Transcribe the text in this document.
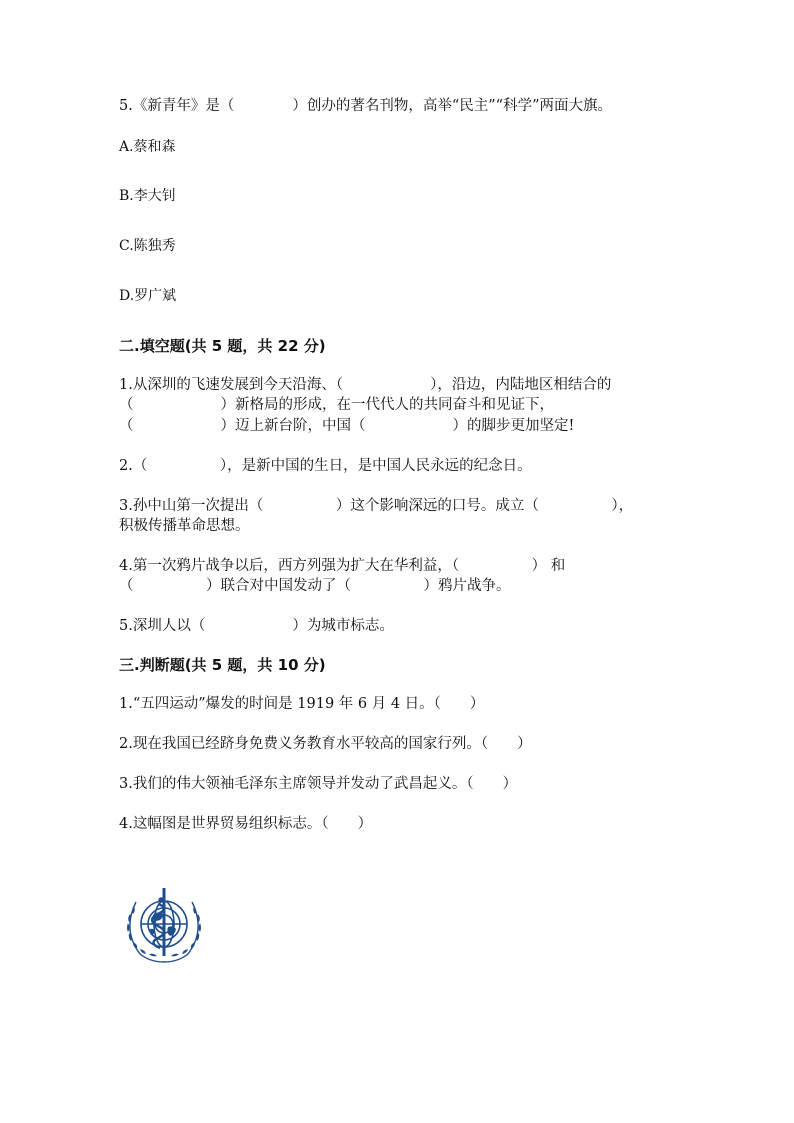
5.《新青年》是（　　　　）创办的著名刊物，高举“民主”“科学”两面大旗。
A.蔡和森
B.李大钊
C.陈独秀
D.罗广斌
二.填空题(共 5 题，共 22 分)
1.从深圳的飞速发展到今天沿海、（　　　　　　），沿边，内陆地区相结合的
（　　　　　　）新格局的形成，在一代代人的共同奋斗和见证下，
（　　　　　　）迈上新台阶，中国（　　　　　　）的脚步更加坚定!
2.（　　　　　），是新中国的生日，是中国人民永远的纪念日。
3.孙中山第一次提出（　　　　　）这个影响深远的口号。成立（　　　　　），
积极传播革命思想。
4.第一次鸦片战争以后，西方列强为扩大在华利益，（　　　　　） 和
（　　　　　）联合对中国发动了（　　　　　）鸦片战争。
5.深圳人以（　　　　　　）为城市标志。
三.判断题(共 5 题，共 10 分)
1.“五四运动”爆发的时间是 1919 年 6 月 4 日。（　　）
2.现在我国已经跻身免费义务教育水平较高的国家行列。（　　）
3.我们的伟大领袖毛泽东主席领导并发动了武昌起义。（　　）
4.这幅图是世界贸易组织标志。（　　）
